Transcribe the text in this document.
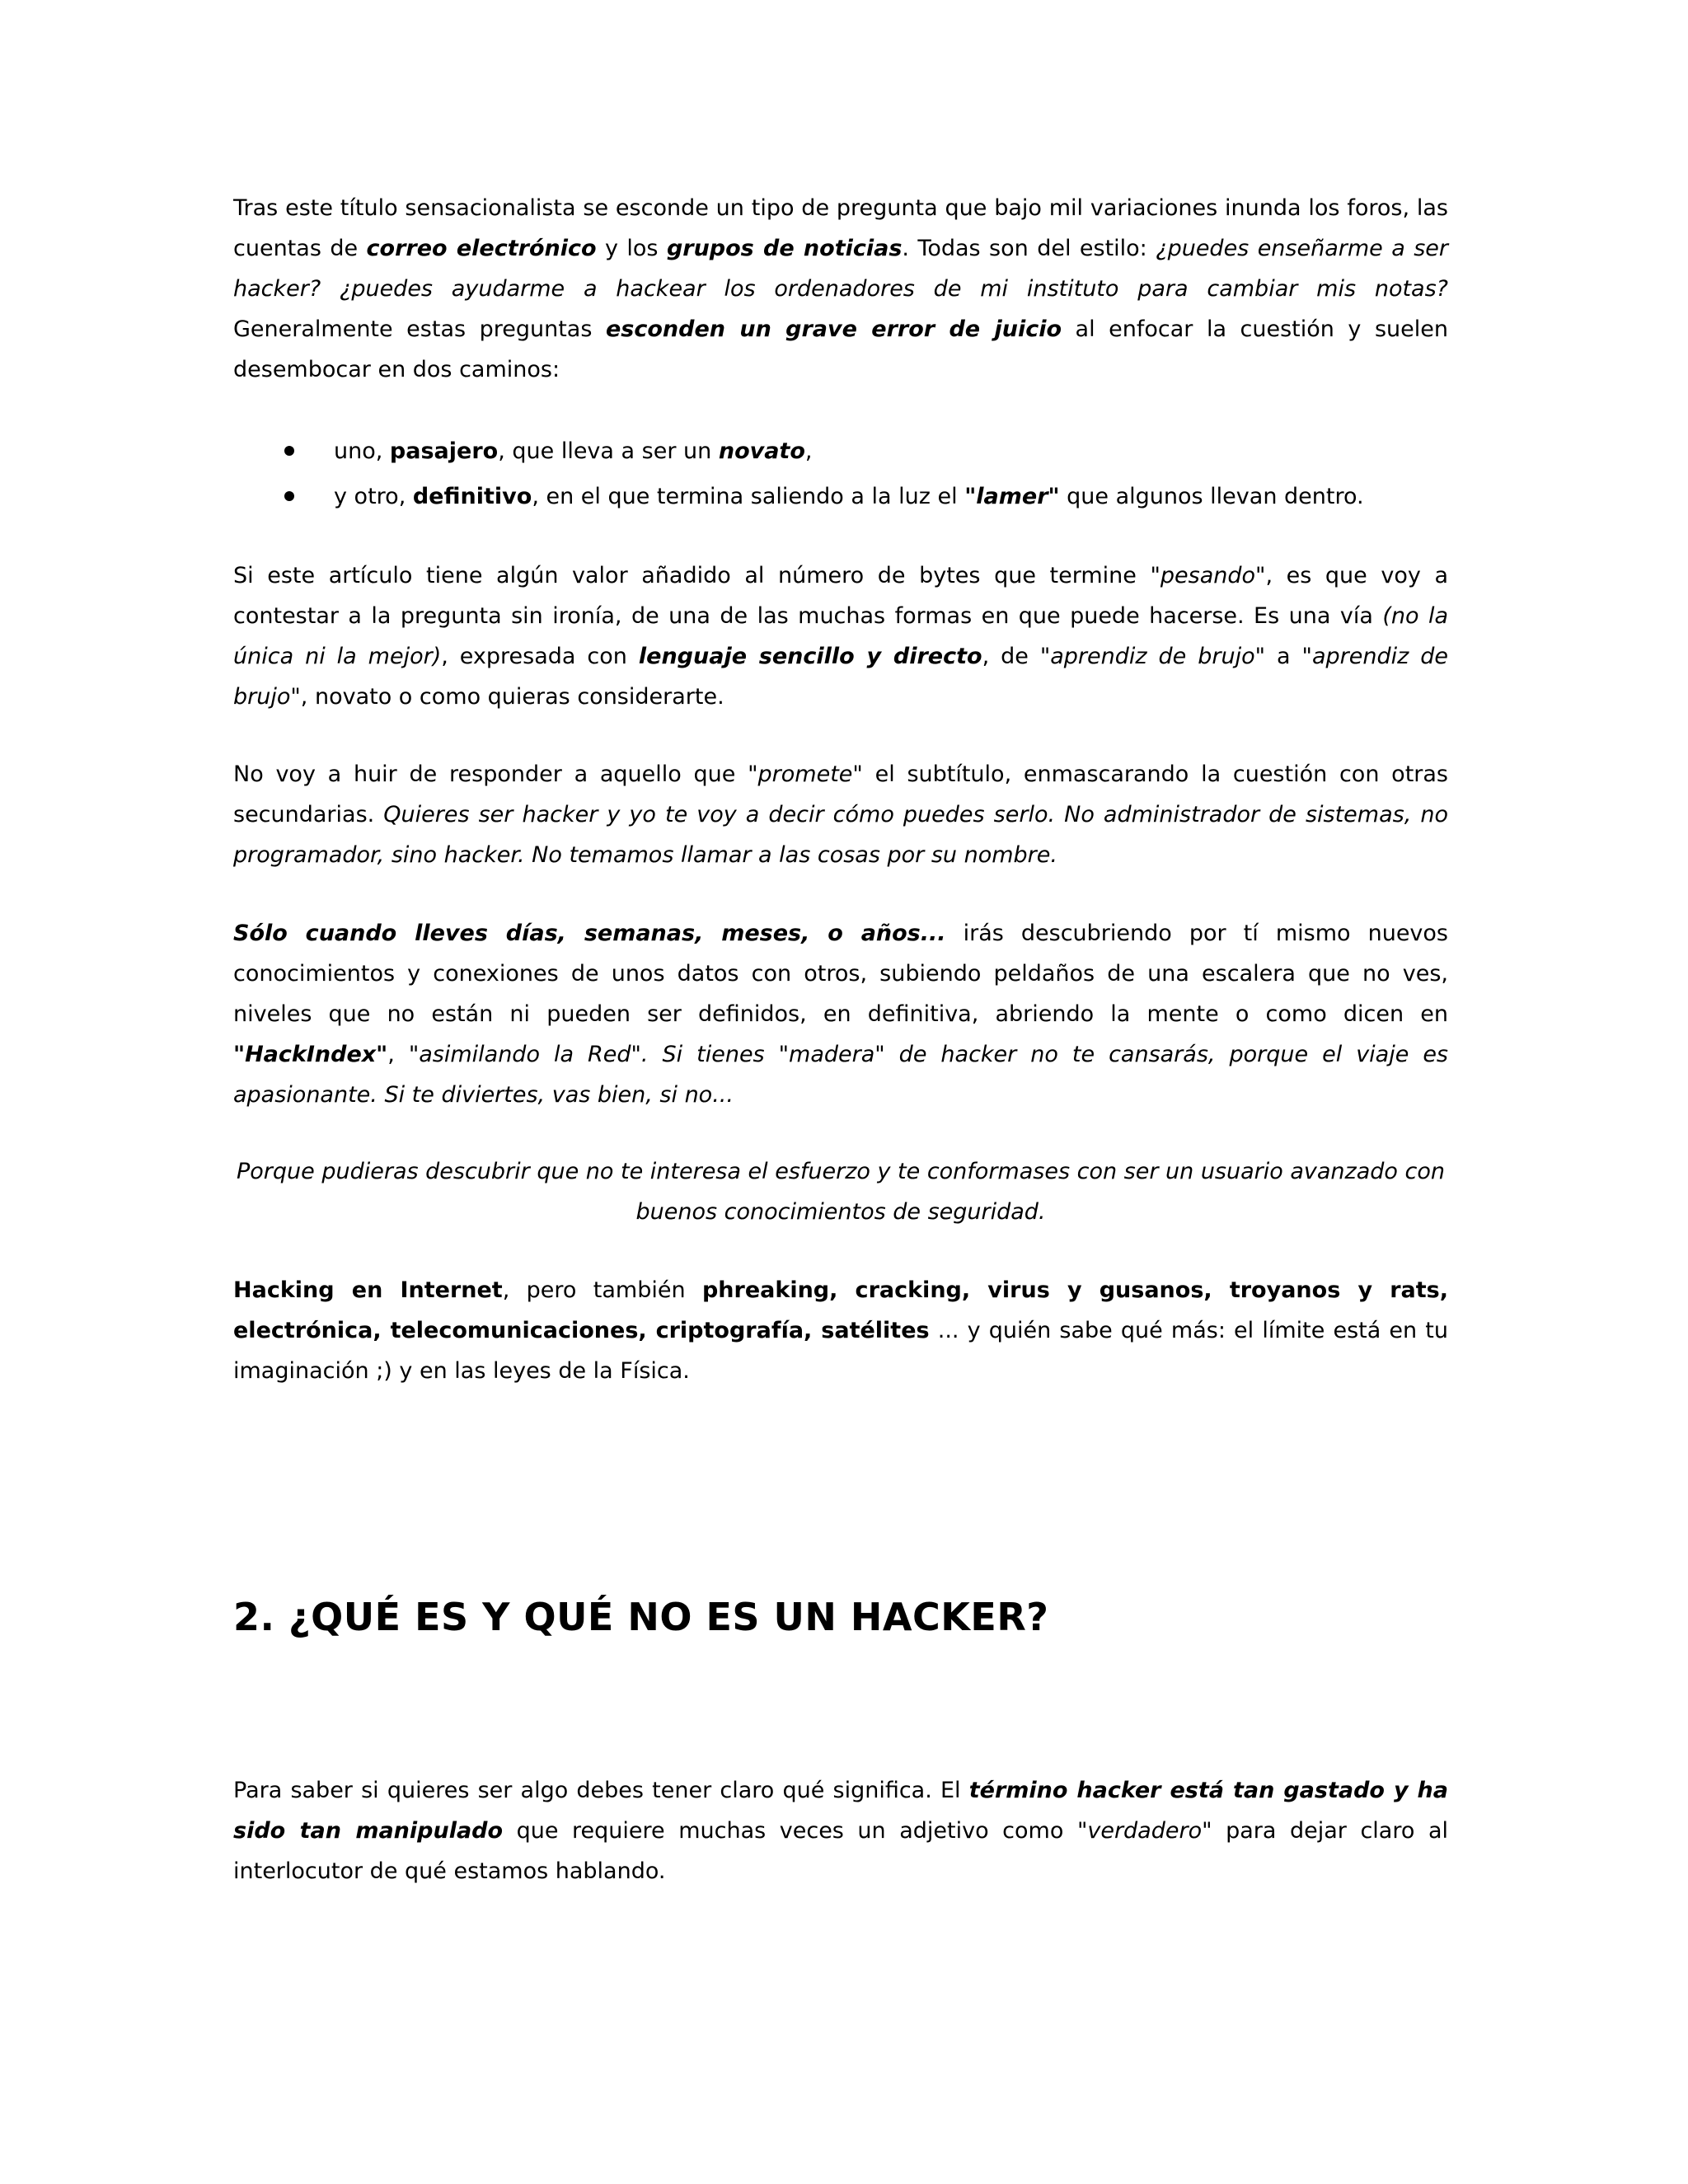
Tras este título sensacionalista se esconde un tipo de pregunta que bajo mil variaciones inunda los foros, las cuentas de correo electrónico y los grupos de noticias. Todas son del estilo: ¿puedes enseñarme a ser hacker? ¿puedes ayudarme a hackear los ordenadores de mi instituto para cambiar mis notas? Generalmente estas preguntas esconden un grave error de juicio al enfocar la cuestión y suelen desembocar en dos caminos:

uno, pasajero, que lleva a ser un novato,
y otro, definitivo, en el que termina saliendo a la luz el "lamer" que algunos llevan dentro.

Si este artículo tiene algún valor añadido al número de bytes que termine "pesando", es que voy a contestar a la pregunta sin ironía, de una de las muchas formas en que puede hacerse. Es una vía (no la única ni la mejor), expresada con lenguaje sencillo y directo, de "aprendiz de brujo" a "aprendiz de brujo", novato o como quieras considerarte.

No voy a huir de responder a aquello que "promete" el subtítulo, enmascarando la cuestión con otras secundarias. Quieres ser hacker y yo te voy a decir cómo puedes serlo. No administrador de sistemas, no programador, sino hacker. No temamos llamar a las cosas por su nombre.

Sólo cuando lleves días, semanas, meses, o años... irás descubriendo por tí mismo nuevos conocimientos y conexiones de unos datos con otros, subiendo peldaños de una escalera que no ves, niveles que no están ni pueden ser definidos, en definitiva, abriendo la mente o como dicen en "HackIndex", "asimilando la Red". Si tienes "madera" de hacker no te cansarás, porque el viaje es apasionante. Si te diviertes, vas bien, si no...

Porque pudieras descubrir que no te interesa el esfuerzo y te conformases con ser un usuario avanzado con
buenos conocimientos de seguridad.

Hacking en Internet, pero también phreaking, cracking, virus y gusanos, troyanos y rats, electrónica, telecomunicaciones, criptografía, satélites ... y quién sabe qué más: el límite está en tu imaginación ;) y en las leyes de la Física.

2. ¿QUÉ ES Y QUÉ NO ES UN HACKER?

Para saber si quieres ser algo debes tener claro qué significa. El término hacker está tan gastado y ha sido tan manipulado que requiere muchas veces un adjetivo como "verdadero" para dejar claro al interlocutor de qué estamos hablando.
